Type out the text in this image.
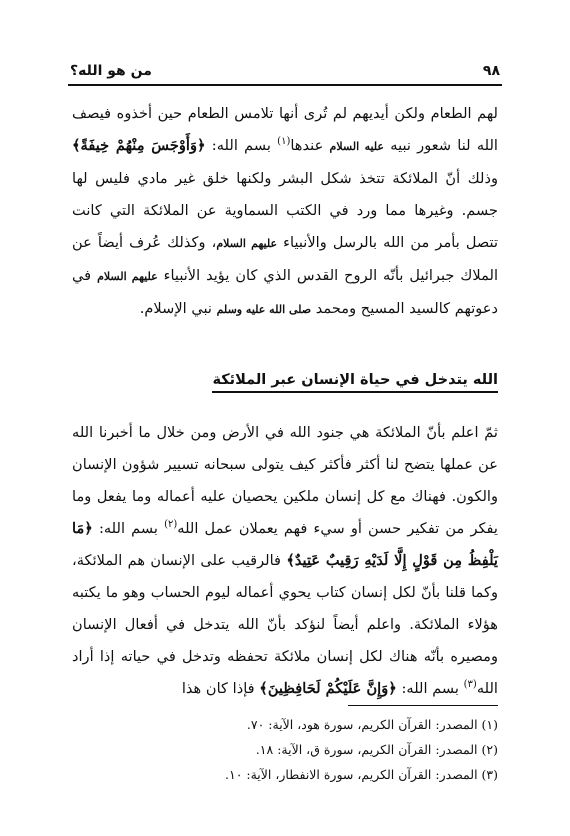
٩٨
من هو الله؟
لهم الطعام ولكن أيديهم لم تُرى أنها تلامس الطعام حين أخذوه فيصف الله لنا شعور نبيه عليه السلام عندها$^{(١)}$ بسم الله: ﴿وَأَوْجَسَ مِنْهُمْ خِيفَةً﴾ وذلك أنّ الملائكة تتخذ شكل البشر ولكنها خلق غير مادي فليس لها جسم. وغيرها مما ورد في الكتب السماوية عن الملائكة التي كانت تتصل بأمر من الله بالرسل والأنبياء عليهم السلام، وكذلك عُرف أيضاً عن الملاك جبرائيل بأنّه الروح القدس الذي كان يؤيد الأنبياء عليهم السلام في دعوتهم كالسيد المسيح ومحمد صلى الله عليه وسلم نبي الإسلام.
الله يتدخل في حياة الإنسان عبر الملائكة
ثمّ اعلم بأنّ الملائكة هي جنود الله في الأرض ومن خلال ما أخبرنا الله عن عملها يتضح لنا أكثر فأكثر كيف يتولى سبحانه تسيير شؤون الإنسان والكون. فهناك مع كل إنسان ملكين يحصيان عليه أعماله وما يفعل وما يفكر من تفكير حسن أو سيء فهم يعملان عمل الله$^{(٢)}$ بسم الله: ﴿مَا يَلْفِظُ مِن قَوْلٍ إِلَّا لَدَيْهِ رَقِيبٌ عَتِيدٌ﴾ فالرقيب على الإنسان هم الملائكة، وكما قلنا بأنّ لكل إنسان كتاب يحوي أعماله ليوم الحساب وهو ما يكتبه هؤلاء الملائكة. واعلم أيضاً لنؤكد بأنّ الله يتدخل في أفعال الإنسان ومصيره بأنّه هناك لكل إنسان ملائكة تحفظه وتدخل في حياته إذا أراد الله$^{(٣)}$ بسم الله: ﴿وَإِنَّ عَلَيْكُمْ لَحَافِظِينَ﴾ فإذا كان هذا
(١) المصدر: القرآن الكريم، سورة هود، الآية: ٧٠.
(٢) المصدر: القرآن الكريم، سورة ق، الآية: ١٨.
(٣) المصدر: القرآن الكريم، سورة الانفطار، الآية: ١٠.
